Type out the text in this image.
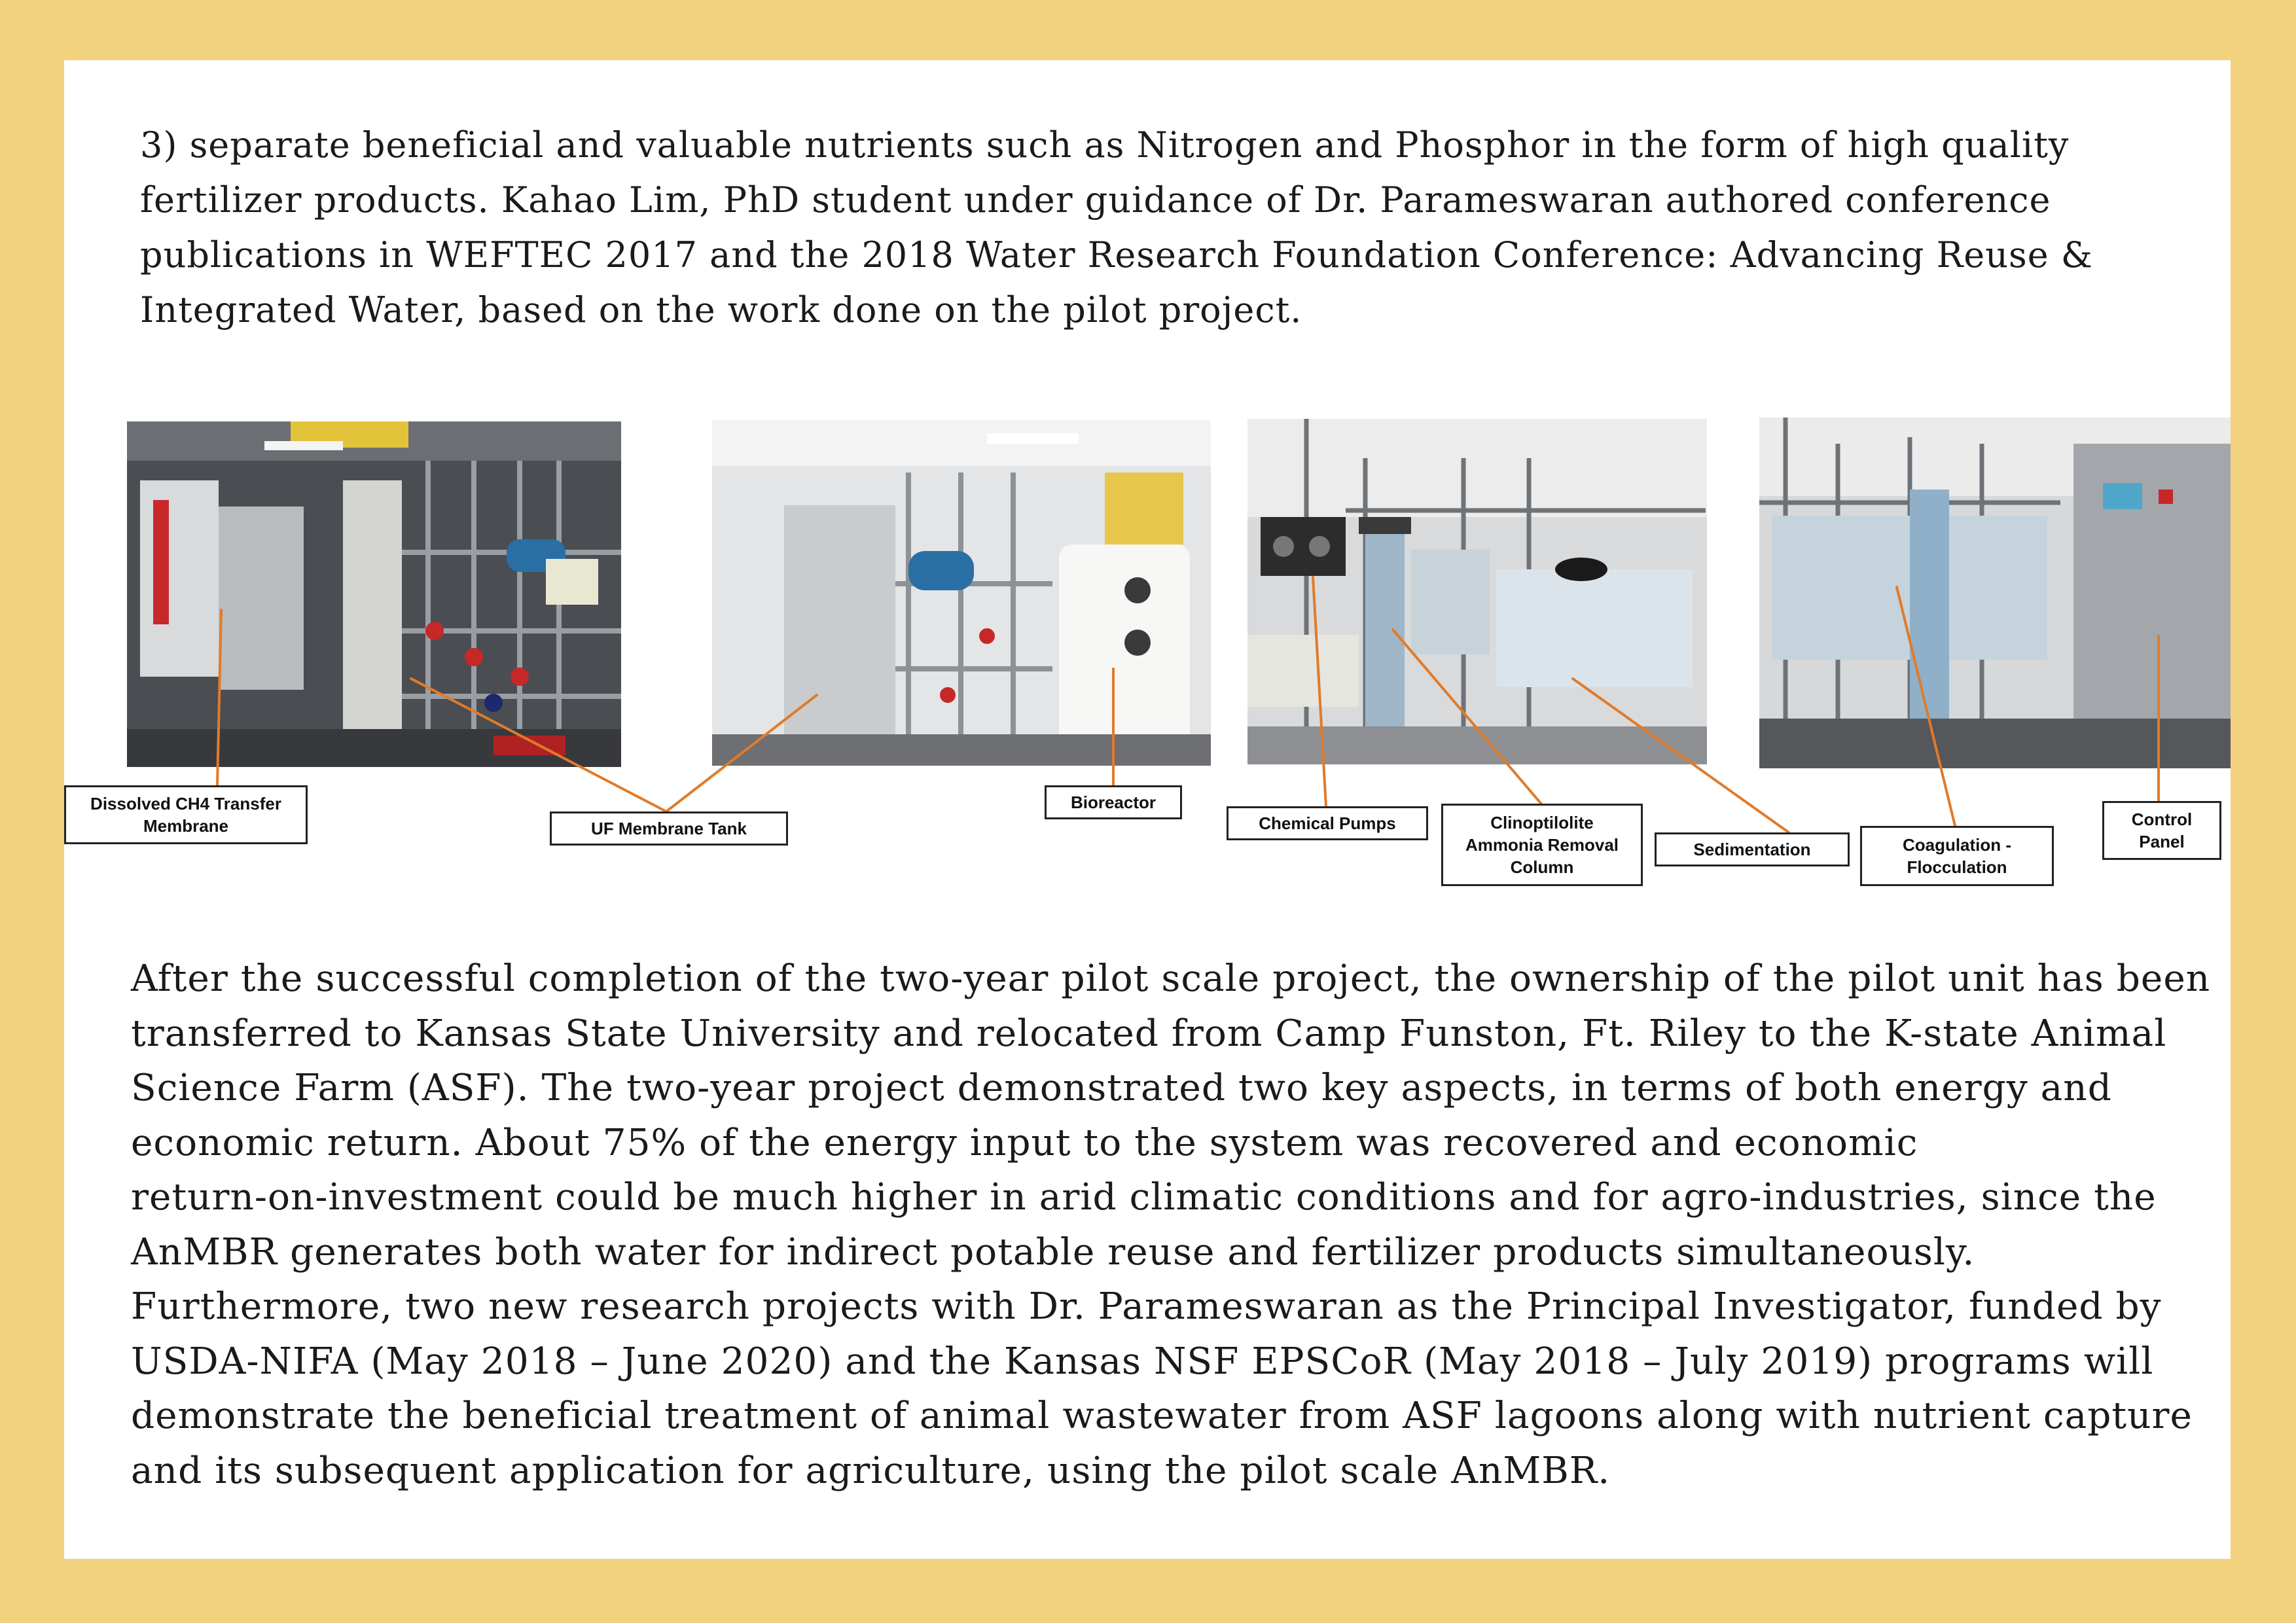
3) separate beneficial and valuable nutrients such as Nitrogen and Phosphor in the form of high quality
fertilizer products. Kahao Lim, PhD student under guidance of Dr. Parameswaran authored conference
publications in WEFTEC 2017 and the 2018 Water Research Foundation Conference: Advancing Reuse &
Integrated Water, based on the work done on the pilot project.

Dissolved CH4 Transfer
Membrane	UF Membrane Tank
Bioreactor
Chemical Pumps	Clinoptilolite
Ammonia Removal
Column
Sedimentation	Coagulation -
Flocculation
Control
Panel

After the successful completion of the two-year pilot scale project, the ownership of the pilot unit has been
transferred to Kansas State University and relocated from Camp Funston, Ft. Riley to the K-state Animal
Science Farm (ASF). The two-year project demonstrated two key aspects, in terms of both energy and
economic return. About 75% of the energy input to the system was recovered and economic
return-on-investment could be much higher in arid climatic conditions and for agro-industries, since the
AnMBR generates both water for indirect potable reuse and fertilizer products simultaneously.
Furthermore, two new research projects with Dr. Parameswaran as the Principal Investigator, funded by
USDA-NIFA (May 2018 – June 2020) and the Kansas NSF EPSCoR (May 2018 – July 2019) programs will
demonstrate the beneficial treatment of animal wastewater from ASF lagoons along with nutrient capture
and its subsequent application for agriculture, using the pilot scale AnMBR.
